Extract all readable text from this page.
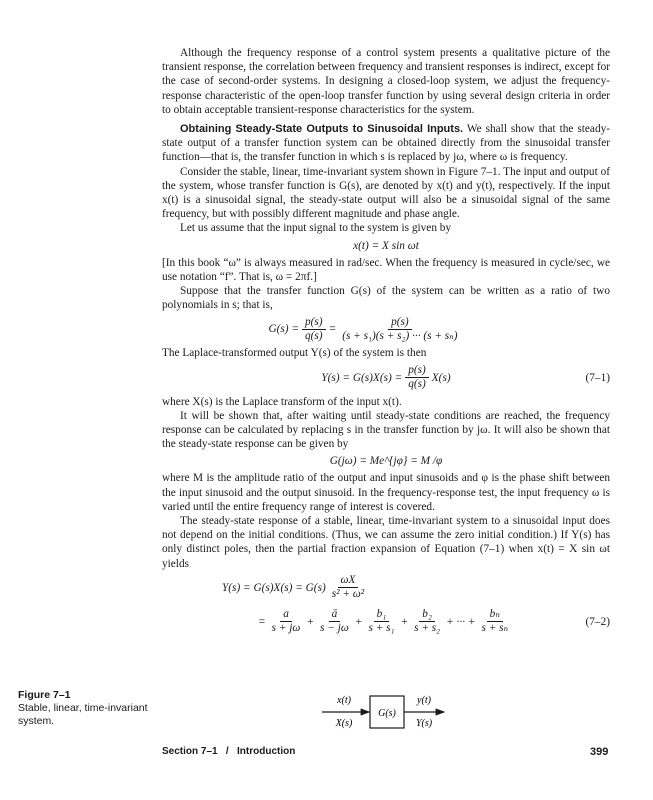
Although the frequency response of a control system presents a qualitative picture of the transient response, the correlation between frequency and transient responses is indirect, except for the case of second-order systems. In designing a closed-loop system, we adjust the frequency-response characteristic of the open-loop transfer function by using several design criteria in order to obtain acceptable transient-response characteristics for the system.

Obtaining Steady-State Outputs to Sinusoidal Inputs. We shall show that the steady-state output of a transfer function system can be obtained directly from the sinusoidal transfer function—that is, the transfer function in which s is replaced by jω, where ω is frequency.

Consider the stable, linear, time-invariant system shown in Figure 7–1. The input and output of the system, whose transfer function is G(s), are denoted by x(t) and y(t), respectively. If the input x(t) is a sinusoidal signal, the steady-state output will also be a sinusoidal signal of the same frequency, but with possibly different magnitude and phase angle.

Let us assume that the input signal to the system is given by

x(t) = X sin ωt

[In this book “ω” is always measured in rad/sec. When the frequency is measured in cycle/sec, we use notation “f”. That is, ω = 2πf.]

Suppose that the transfer function G(s) of the system can be written as a ratio of two polynomials in s; that is,

$G(s) = \frac{p(s)}{q(s)} = \frac{p(s)}{\text{(s + s₁)(s + s₂) ··· (s + sₙ)}}$

The Laplace-transformed output Y(s) of the system is then

$Y(s) = G(s)X(s) = \frac{p(s)}{q(s)} X(s)$	(7–1)

where X(s) is the Laplace transform of the input x(t).

It will be shown that, after waiting until steady-state conditions are reached, the frequency response can be calculated by replacing s in the transfer function by jω. It will also be shown that the steady-state response can be given by

G(jω) = Me^{jφ} = M /φ

where M is the amplitude ratio of the output and input sinusoids and φ is the phase shift between the input sinusoid and the output sinusoid. In the frequency-response test, the input frequency ω is varied until the entire frequency range of interest is covered.

The steady-state response of a stable, linear, time-invariant system to a sinusoidal input does not depend on the initial conditions. (Thus, we can assume the zero initial condition.) If Y(s) has only distinct poles, then the partial fraction expansion of Equation (7–1) when x(t) = X sin ωt yields

$Y(s) = G(s)X(s) = G(s) \frac{\omega X}{\text{s² + ω²}}$
= $\frac{a}{s + j\omega} + \frac{ā}{s - j\omega} + \frac{\text{b₁}}{\text{s + s₁}} + \frac{\text{b₂}}{\text{s + s₂}}$ + ··· + $\frac{\text{bₙ}}{\text{s + sₙ}}$	(7–2)
Figure 7–1
Stable, linear, time-invariant system.
G(s)
x(t)
X(s)
y(t)
Y(s)
Section 7–1   /   Introduction	399
